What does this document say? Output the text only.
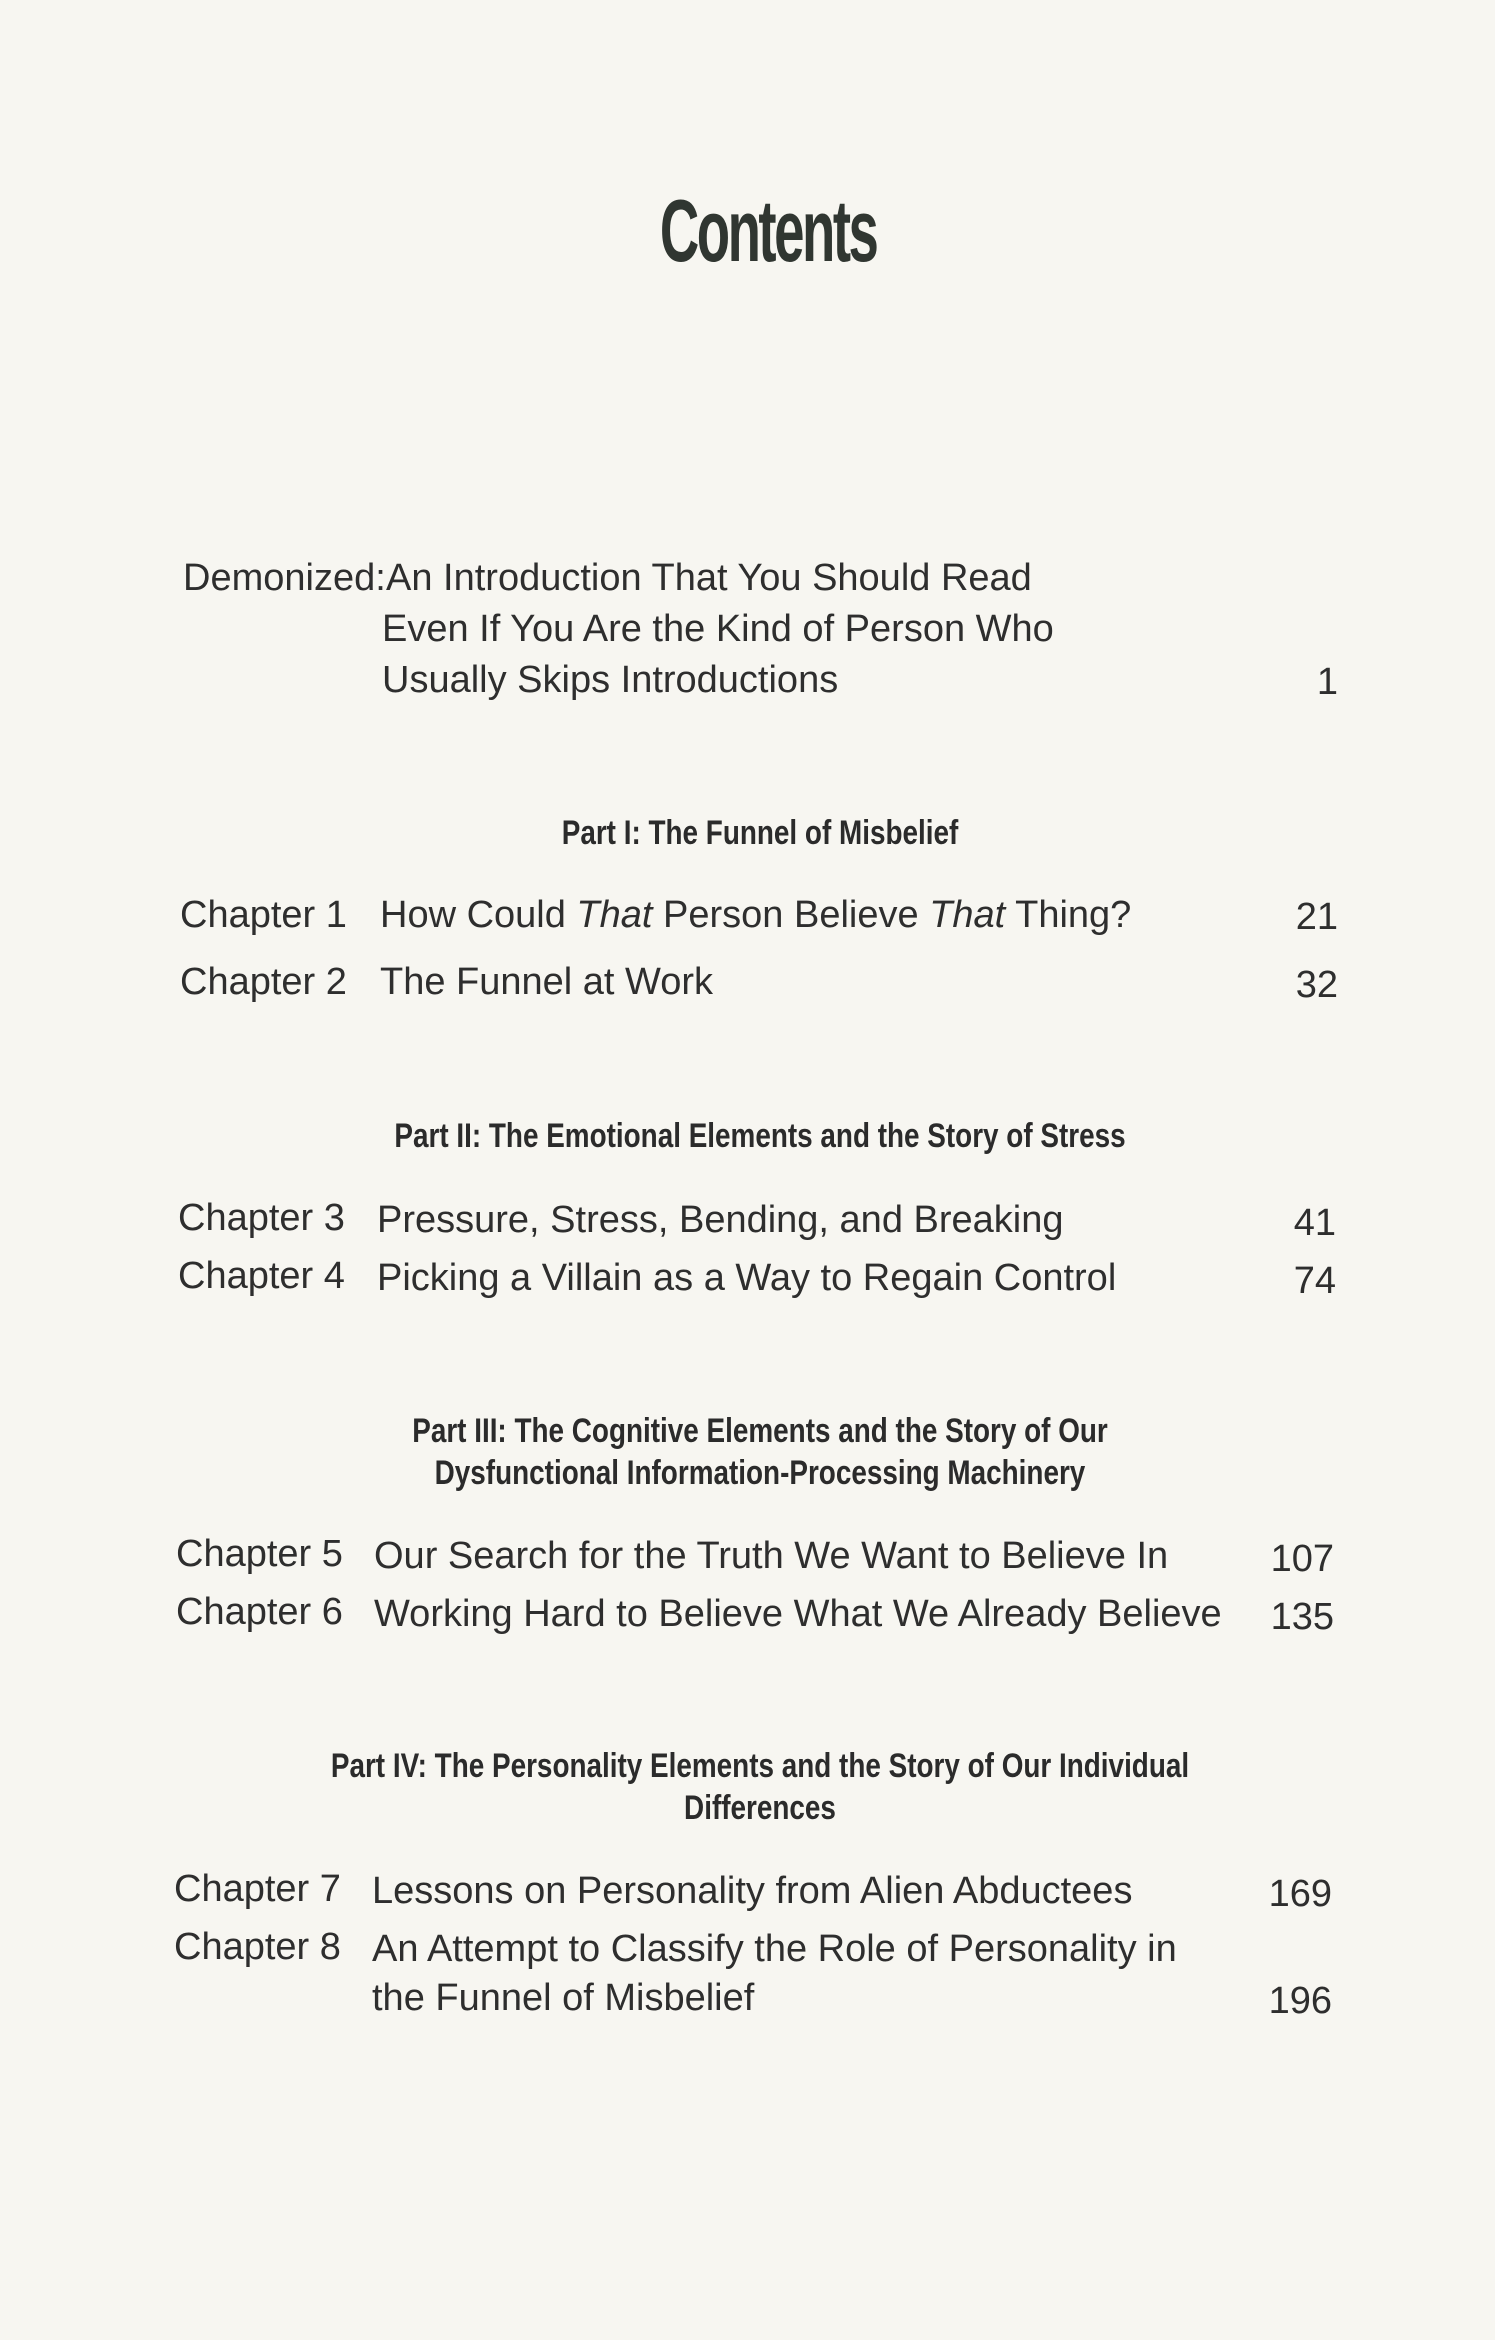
Contents
Demonized: An Introduction That You Should Read
Even If You Are the Kind of Person Who
Usually Skips Introductions	1
Part I: The Funnel of Misbelief
Chapter 1 How Could That Person Believe That Thing?	21
Chapter 2 The Funnel at Work	32
Part II: The Emotional Elements and the Story of Stress
Chapter 3 Pressure, Stress, Bending, and Breaking	41
Chapter 4 Picking a Villain as a Way to Regain Control	74
Part III: The Cognitive Elements and the Story of Our
Dysfunctional Information-Processing Machinery
Chapter 5 Our Search for the Truth We Want to Believe In	107
Chapter 6 Working Hard to Believe What We Already Believe	135
Part IV: The Personality Elements and the Story of Our Individual
Differences
Chapter 7 Lessons on Personality from Alien Abductees	169
Chapter 8 An Attempt to Classify the Role of Personality in
the Funnel of Misbelief	196
